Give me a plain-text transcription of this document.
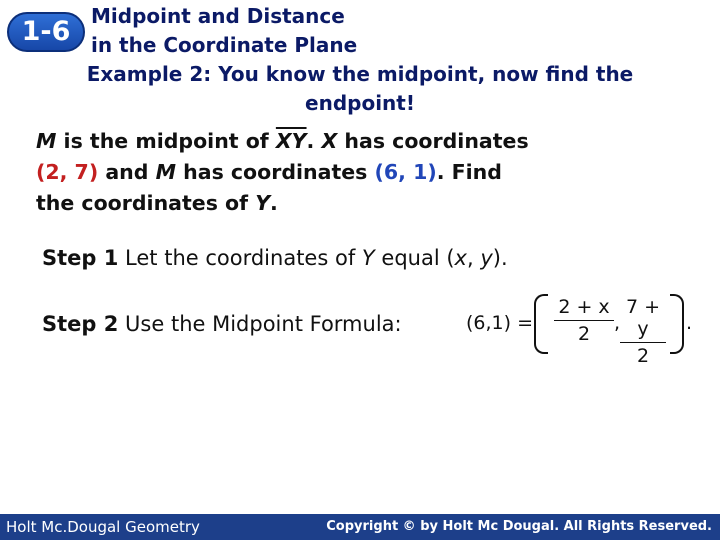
1-6	Midpoint and Distance
in the Coordinate Plane
Example 2: You know the midpoint, now find the
endpoint!
M is the midpoint of $\overline{XY}$. X has coordinates
(2, 7) and M has coordinates (6, 1). Find
the coordinates of Y.
Step 1 Let the coordinates of Y equal (x, y).
Step 2 Use the Midpoint Formula:	(6,1) =
2 + x
2	,
7 + y
2
.
Holt Mc.Dougal Geometry	Copyright © by Holt Mc Dougal. All Rights Reserved.
